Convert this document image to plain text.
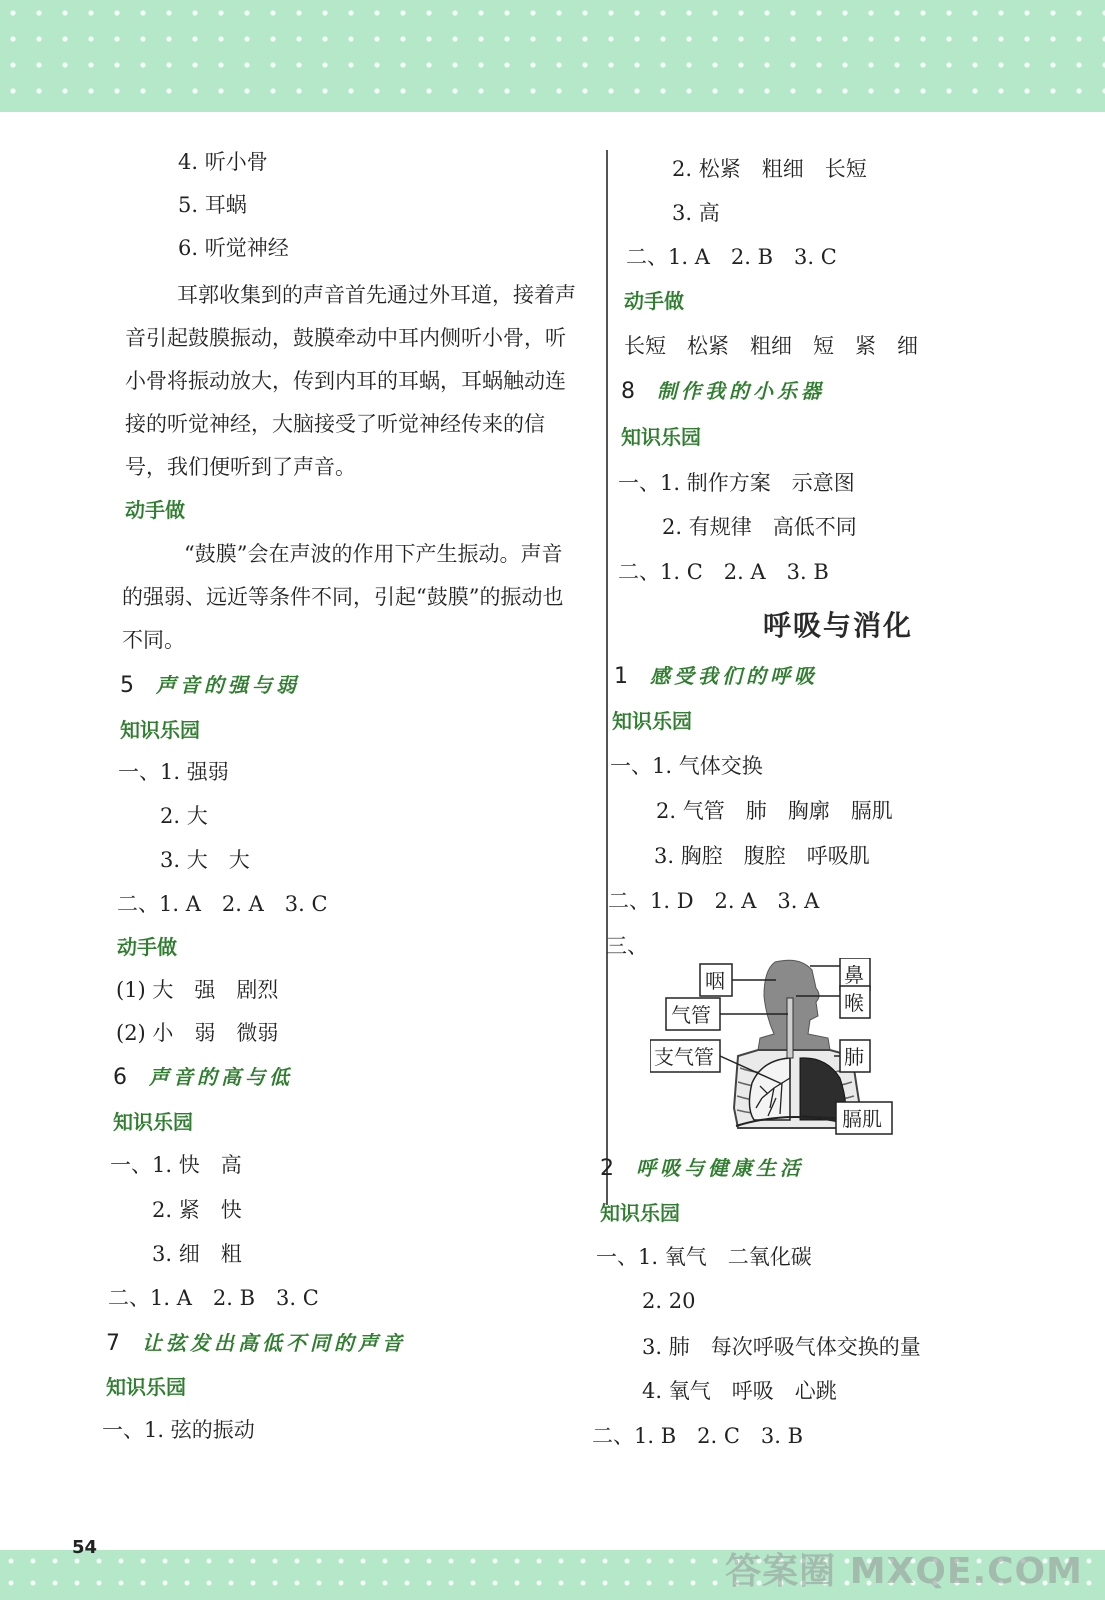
4. 听小骨
5. 耳蜗
6. 听觉神经
耳郭收集到的声音首先通过外耳道，接着声音引起鼓膜振动，鼓膜牵动中耳内侧听小骨，听小骨将振动放大，传到内耳的耳蜗，耳蜗触动连接的听觉神经，大脑接受了听觉神经传来的信号，我们便听到了声音。
动手做
“鼓膜”会在声波的作用下产生振动。声音的强弱、远近等条件不同，引起“鼓膜”的振动也不同。
5 声音的强与弱
知识乐园
一、1. 强弱
2. 大
3. 大　大
二、1. A　2. A　3. C
动手做
(1) 大　强　剧烈
(2) 小　弱　微弱
6 声音的高与低
知识乐园
一、1. 快　高
2. 紧　快
3. 细　粗
二、1. A　2. B　3. C
7 让弦发出高低不同的声音
知识乐园
一、1. 弦的振动
2. 松紧　粗细　长短
3. 高
二、1. A　2. B　3. C
动手做
长短　松紧　粗细　短　紧　细
8 制作我的小乐器
知识乐园
一、1. 制作方案　示意图
2. 有规律　高低不同
二、1. C　2. A　3. B
呼吸与消化
1 感受我们的呼吸
知识乐园
一、1. 气体交换
2. 气管　肺　胸廓　膈肌
3. 胸腔　腹腔　呼吸肌
二、1. D　2. A　3. A
三、
咽
气管
支气管
鼻
喉
肺
膈肌
2 呼吸与健康生活
知识乐园
一、1. 氧气　二氧化碳
2. 20
3. 肺　每次呼吸气体交换的量
4. 氧气　呼吸　心跳
二、1. B　2. C　3. B
54
答案圈 MXQE.COM
